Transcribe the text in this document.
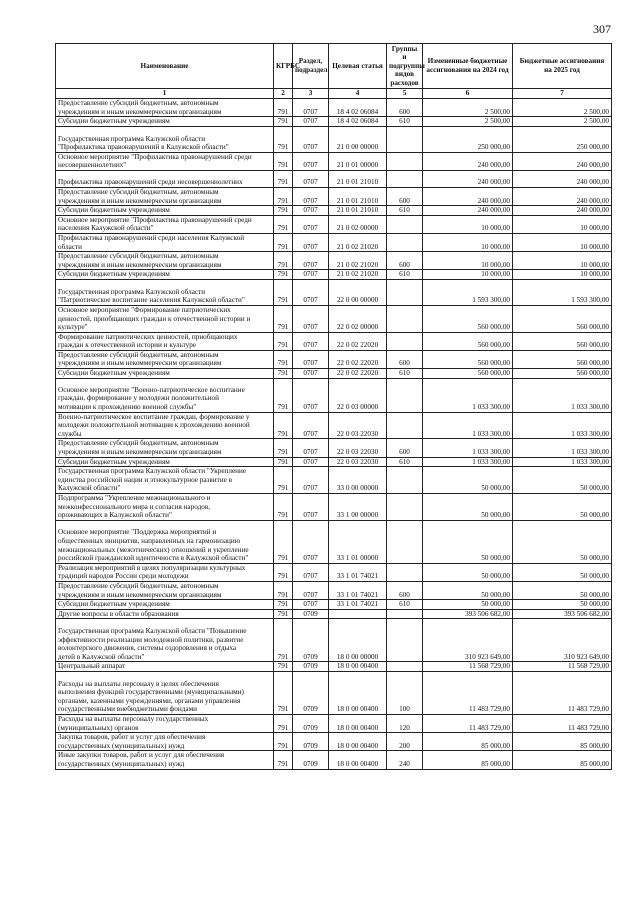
307
Наименование	КГРБС	Раздел, подраздел	Целевая статья	Группы и подгруппы видов расходов	Измененные бюджетные ассигнования на 2024 год	Бюджетные ассигнования на 2025 год
1	2	3	4	5	6	7
Предоставление субсидий бюджетным, автономным
учреждениям и иным некоммерческим организациям	791	0707	18 4 02 06084	600	2 500,00	2 500,00
Субсидии бюджетным учреждениям	791	0707	18 4 02 06084	610	2 500,00	2 500,00
Государственная программа Калужской области
"Профилактика правонарушений в Калужской области"	791	0707	21 0 00 00000		250 000,00	250 000,00
Основное мероприятие "Профилактика правонарушений среди
несовершеннолетних"	791	0707	21 0 01 00000		240 000,00	240 000,00
Профилактика правонарушений среди несовершеннолетних	791	0707	21 0 01 21010		240 000,00	240 000,00
Предоставление субсидий бюджетным, автономным
учреждениям и иным некоммерческим организациям	791	0707	21 0 01 21010	600	240 000,00	240 000,00
Субсидии бюджетным учреждениям	791	0707	21 0 01 21010	610	240 000,00	240 000,00
Основное мероприятие "Профилактика правонарушений среди
населения Калужской области"	791	0707	21 0 02 00000		10 000,00	10 000,00
Профилактика правонарушений среди населения Калужской
области	791	0707	21 0 02 21020		10 000,00	10 000,00
Предоставление субсидий бюджетным, автономным
учреждениям и иным некоммерческим организациям	791	0707	21 0 02 21020	600	10 000,00	10 000,00
Субсидии бюджетным учреждениям	791	0707	21 0 02 21020	610	10 000,00	10 000,00
Государственная программа Калужской области
"Патриотическое воспитание населения Калужской области"	791	0707	22 0 00 00000		1 593 300,00	1 593 300,00
Основное мероприятие "Формирование патриотических
ценностей, приобщающих граждан к отечественной истории и
культуре"	791	0707	22 0 02 00000		560 000,00	560 000,00
Формирование патриотических ценностей, приобщающих
граждан к отечественной истории и культуре	791	0707	22 0 02 22020		560 000,00	560 000,00
Предоставление субсидий бюджетным, автономным
учреждениям и иным некоммерческим организациям	791	0707	22 0 02 22020	600	560 000,00	560 000,00
Субсидии бюджетным учреждениям	791	0707	22 0 02 22020	610	560 000,00	560 000,00
Основное мероприятие "Военно-патриотическое воспитание
граждан, формирование у молодежи положительной
мотивации к прохождению военной службы"	791	0707	22 0 03 00000		1 033 300,00	1 033 300,00
Военно-патриотическое воспитание граждан, формирование у
молодежи положительной мотивации к прохождению военной
службы	791	0707	22 0 03 22030		1 033 300,00	1 033 300,00
Предоставление субсидий бюджетным, автономным
учреждениям и иным некоммерческим организациям	791	0707	22 0 03 22030	600	1 033 300,00	1 033 300,00
Субсидии бюджетным учреждениям	791	0707	22 0 03 22030	610	1 033 300,00	1 033 300,00
Государственная программа Калужской области "Укрепление
единства российской нации и этнокультурное развитие в
Калужской области"	791	0707	33 0 00 00000		50 000,00	50 000,00
Подпрограмма "Укрепление межнационального и
межконфессионального мира и согласия народов,
проживающих в Калужской области"	791	0707	33 1 00 00000		50 000,00	50 000,00
Основное мероприятие "Поддержка мероприятий и
общественных инициатив, направленных на гармонизацию
межнациональных (межэтнических) отношений и укрепление
российской гражданской идентичности в Калужской области"	791	0707	33 1 01 00000		50 000,00	50 000,00
Реализация мероприятий в целях популяризации культурных
традиций народов России среди молодежи	791	0707	33 1 01 74021		50 000,00	50 000,00
Предоставление субсидий бюджетным, автономным
учреждениям и иным некоммерческим организациям	791	0707	33 1 01 74021	600	50 000,00	50 000,00
Субсидии бюджетным учреждениям	791	0707	33 1 01 74021	610	50 000,00	50 000,00
Другие вопросы в области образования	791	0709			393 506 682,00	393 506 682,00
Государственная программа Калужской области "Повышение
эффективности реализации молодежной политики, развитие
волонтерского движения, системы оздоровления и отдыха
детей в Калужской области"	791	0709	18 0 00 00000		310 923 649,00	310 923 649,00
Центральный аппарат	791	0709	18 0 00 00400		11 568 729,00	11 568 729,00
Расходы на выплаты персоналу в целях обеспечения
выполнения функций государственными (муниципальными)
органами, казенными учреждениями, органами управления
государственными внебюджетными фондами	791	0709	18 0 00 00400	100	11 483 729,00	11 483 729,00
Расходы на выплаты персоналу государственных
(муниципальных) органов	791	0709	18 0 00 00400	120	11 483 729,00	11 483 729,00
Закупка товаров, работ и услуг для обеспечения
государственных (муниципальных) нужд	791	0709	18 0 00 00400	200	85 000,00	85 000,00
Иные закупки товаров, работ и услуг для обеспечения
государственных (муниципальных) нужд	791	0709	18 0 00 00400	240	85 000,00	85 000,00
